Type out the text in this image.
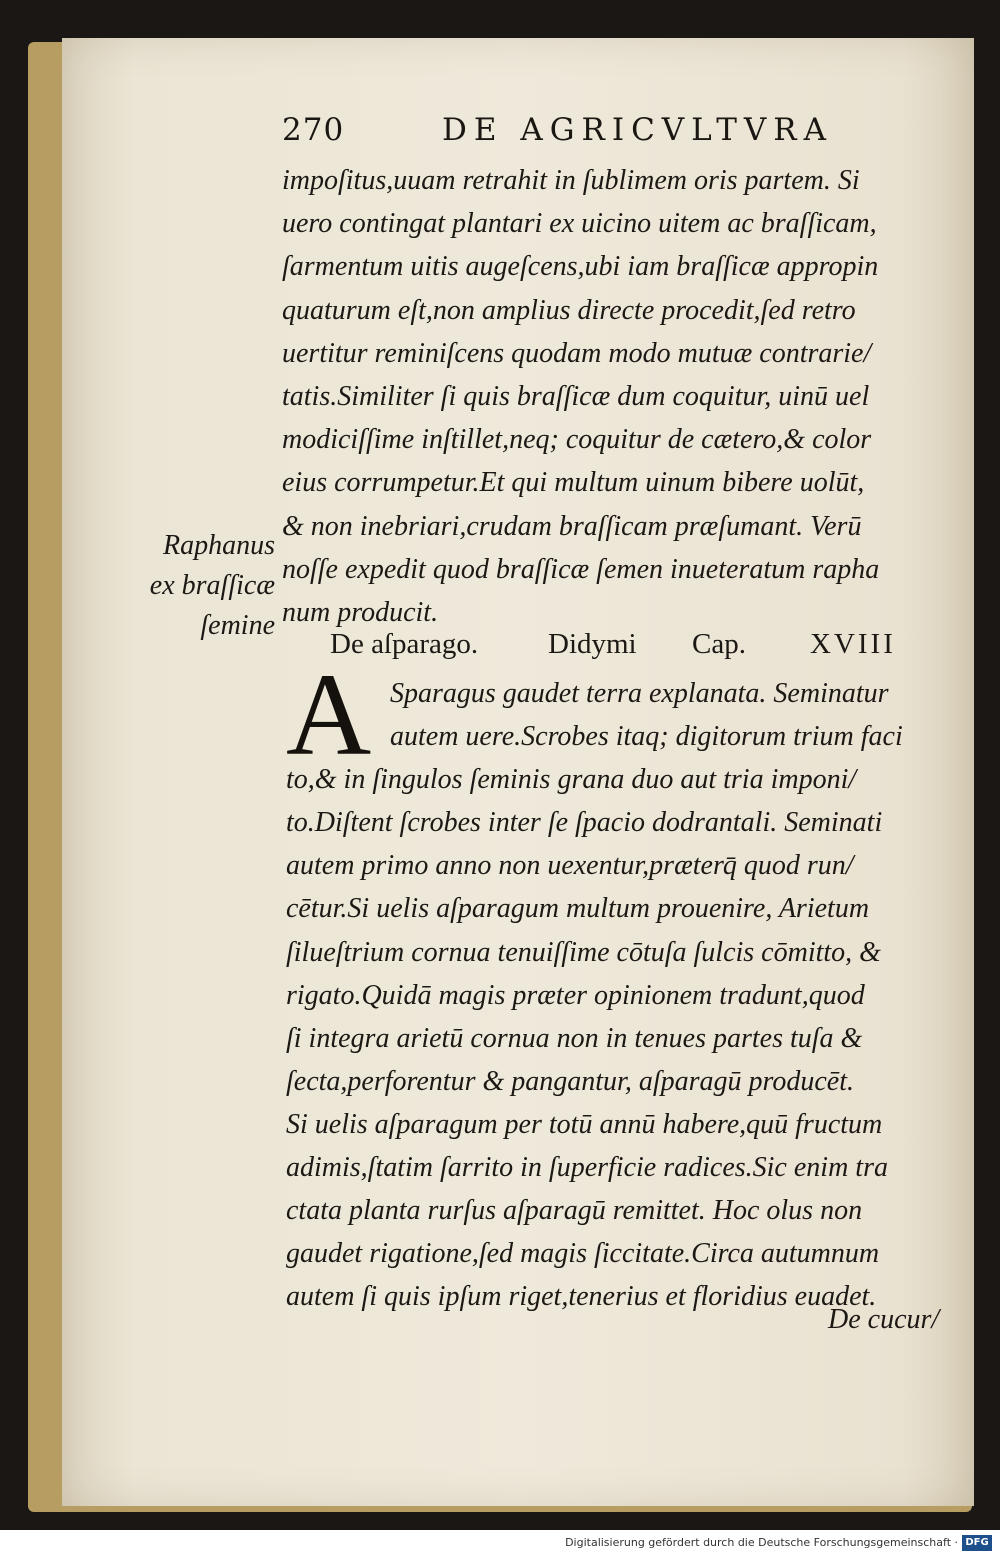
270	DE AGRICVLTVRA
impoſitus,uuam retrahit in ſublimem oris partem. Si
uero contingat plantari ex uicino uitem ac braſſicam,
ſarmentum uitis augeſcens,ubi iam braſſicæ appropin
quaturum eſt,non amplius directe procedit,ſed retro
uertitur reminiſcens quodam modo mutuæ contrarie/
tatis.Similiter ſi quis braſſicæ dum coquitur, uinū uel
modiciſſime inſtillet,neq; coquitur de cætero,& color
eius corrumpetur.Et qui multum uinum bibere uolūt,
& non inebriari,crudam braſſicam præſumant. Verū
noſſe expedit quod braſſicæ ſemen inueteratum rapha
num producit.
Raphanus
ex braſſicæ
ſemine
De aſparago. Didymi Cap. XVIII
A Sparagus gaudet terra explanata. Seminatur
autem uere.Scrobes itaq; digitorum trium faci
to,& in ſingulos ſeminis grana duo aut tria imponi/
to.Diſtent ſcrobes inter ſe ſpacio dodrantali. Seminati
autem primo anno non uexentur,præterq̄ quod run/
cētur.Si uelis aſparagum multum prouenire, Arietum
ſilueſtrium cornua tenuiſſime cōtuſa ſulcis cōmitto, &
rigato.Quidā magis præter opinionem tradunt,quod
ſi integra arietū cornua non in tenues partes tuſa &
ſecta,perforentur & pangantur, aſparagū producēt.
Si uelis aſparagum per totū annū habere,quū fructum
adimis,ſtatim ſarrito in ſuperficie radices.Sic enim tra
ctata planta rurſus aſparagū remittet. Hoc olus non
gaudet rigatione,ſed magis ſiccitate.Circa autumnum
autem ſi quis ipſum riget,tenerius et floridius euadet.
De cucur/
Digitalisierung gefördert durch die Deutsche Forschungsgemeinschaft · DFG
